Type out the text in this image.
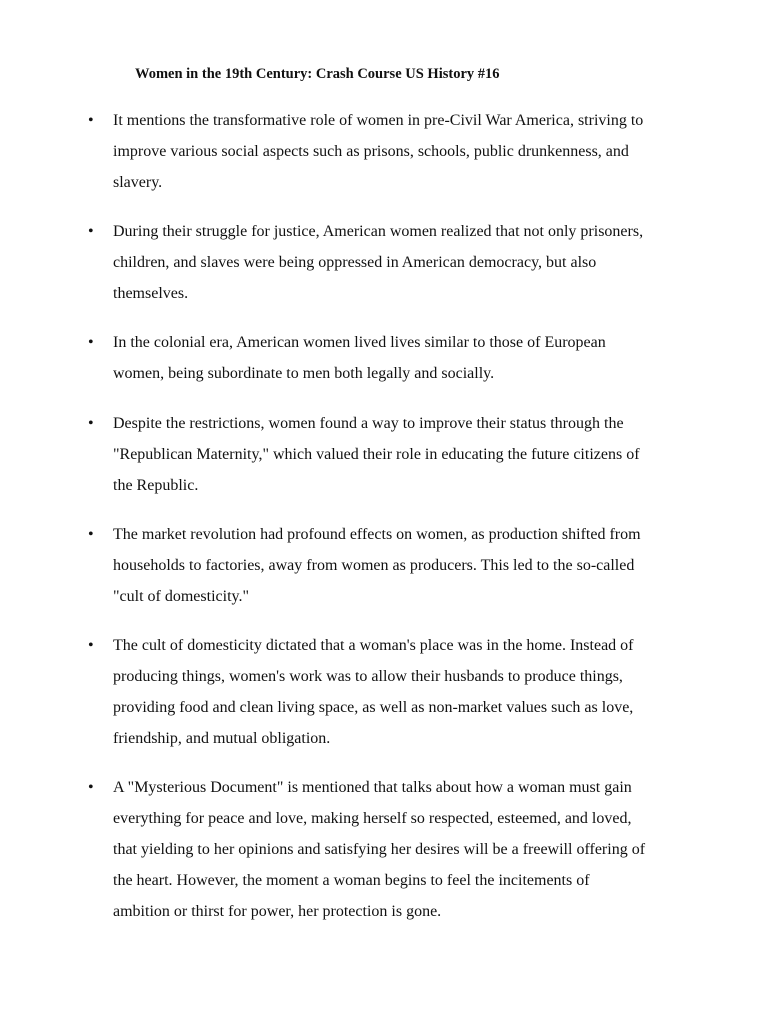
Women in the 19th Century: Crash Course US History #16
•	It mentions the transformative role of women in pre-Civil War America, striving to
improve various social aspects such as prisons, schools, public drunkenness, and
slavery.

•	During their struggle for justice, American women realized that not only prisoners,
children, and slaves were being oppressed in American democracy, but also
themselves.

•	In the colonial era, American women lived lives similar to those of European
women, being subordinate to men both legally and socially.

•	Despite the restrictions, women found a way to improve their status through the
"Republican Maternity," which valued their role in educating the future citizens of
the Republic.

•	The market revolution had profound effects on women, as production shifted from
households to factories, away from women as producers. This led to the so-called
"cult of domesticity."

•	The cult of domesticity dictated that a woman's place was in the home. Instead of
producing things, women's work was to allow their husbands to produce things,
providing food and clean living space, as well as non-market values such as love,
friendship, and mutual obligation.

•	A "Mysterious Document" is mentioned that talks about how a woman must gain
everything for peace and love, making herself so respected, esteemed, and loved,
that yielding to her opinions and satisfying her desires will be a freewill offering of
the heart. However, the moment a woman begins to feel the incitements of
ambition or thirst for power, her protection is gone.
